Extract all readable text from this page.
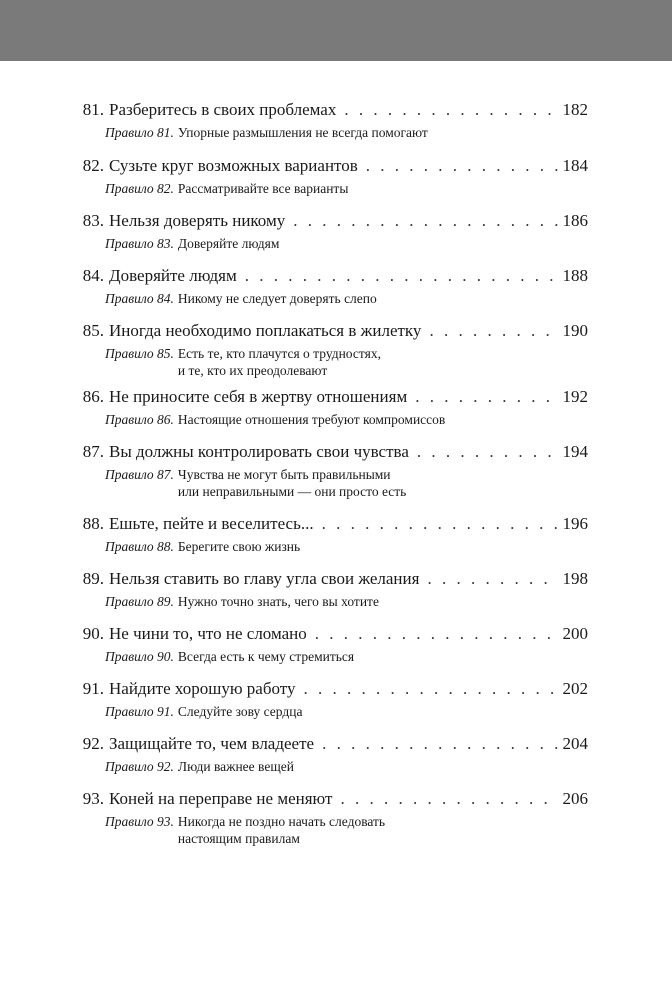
81. Разберитесь в своих проблемах . . .	182
Правило 81. Упорные размышления не всегда помогают
82. Сузьте круг возможных вариантов . . .	184
Правило 82. Рассматривайте все варианты
83. Нельзя доверять никому . . .	186
Правило 83. Доверяйте людям
84. Доверяйте людям . . .	188
Правило 84. Никому не следует доверять слепо
85. Иногда необходимо поплакаться в жилетку . . .	190
Правило 85. Есть те, кто плачутся о трудностях,
и те, кто их преодолевают
86. Не приносите себя в жертву отношениям . . .	192
Правило 86. Настоящие отношения требуют компромиссов
87. Вы должны контролировать свои чувства . . .	194
Правило 87. Чувства не могут быть правильными
или неправильными — они просто есть
88. Ешьте, пейте и веселитесь... . . .	196
Правило 88. Берегите свою жизнь
89. Нельзя ставить во главу угла свои желания . . .	198
Правило 89. Нужно точно знать, чего вы хотите
90. Не чини то, что не сломано . . .	200
Правило 90. Всегда есть к чему стремиться
91. Найдите хорошую работу . . .	202
Правило 91. Следуйте зову сердца
92. Защищайте то, чем владеете . . .	204
Правило 92. Люди важнее вещей
93. Коней на переправе не меняют . . .	206
Правило 93. Никогда не поздно начать следовать
настоящим правилам
